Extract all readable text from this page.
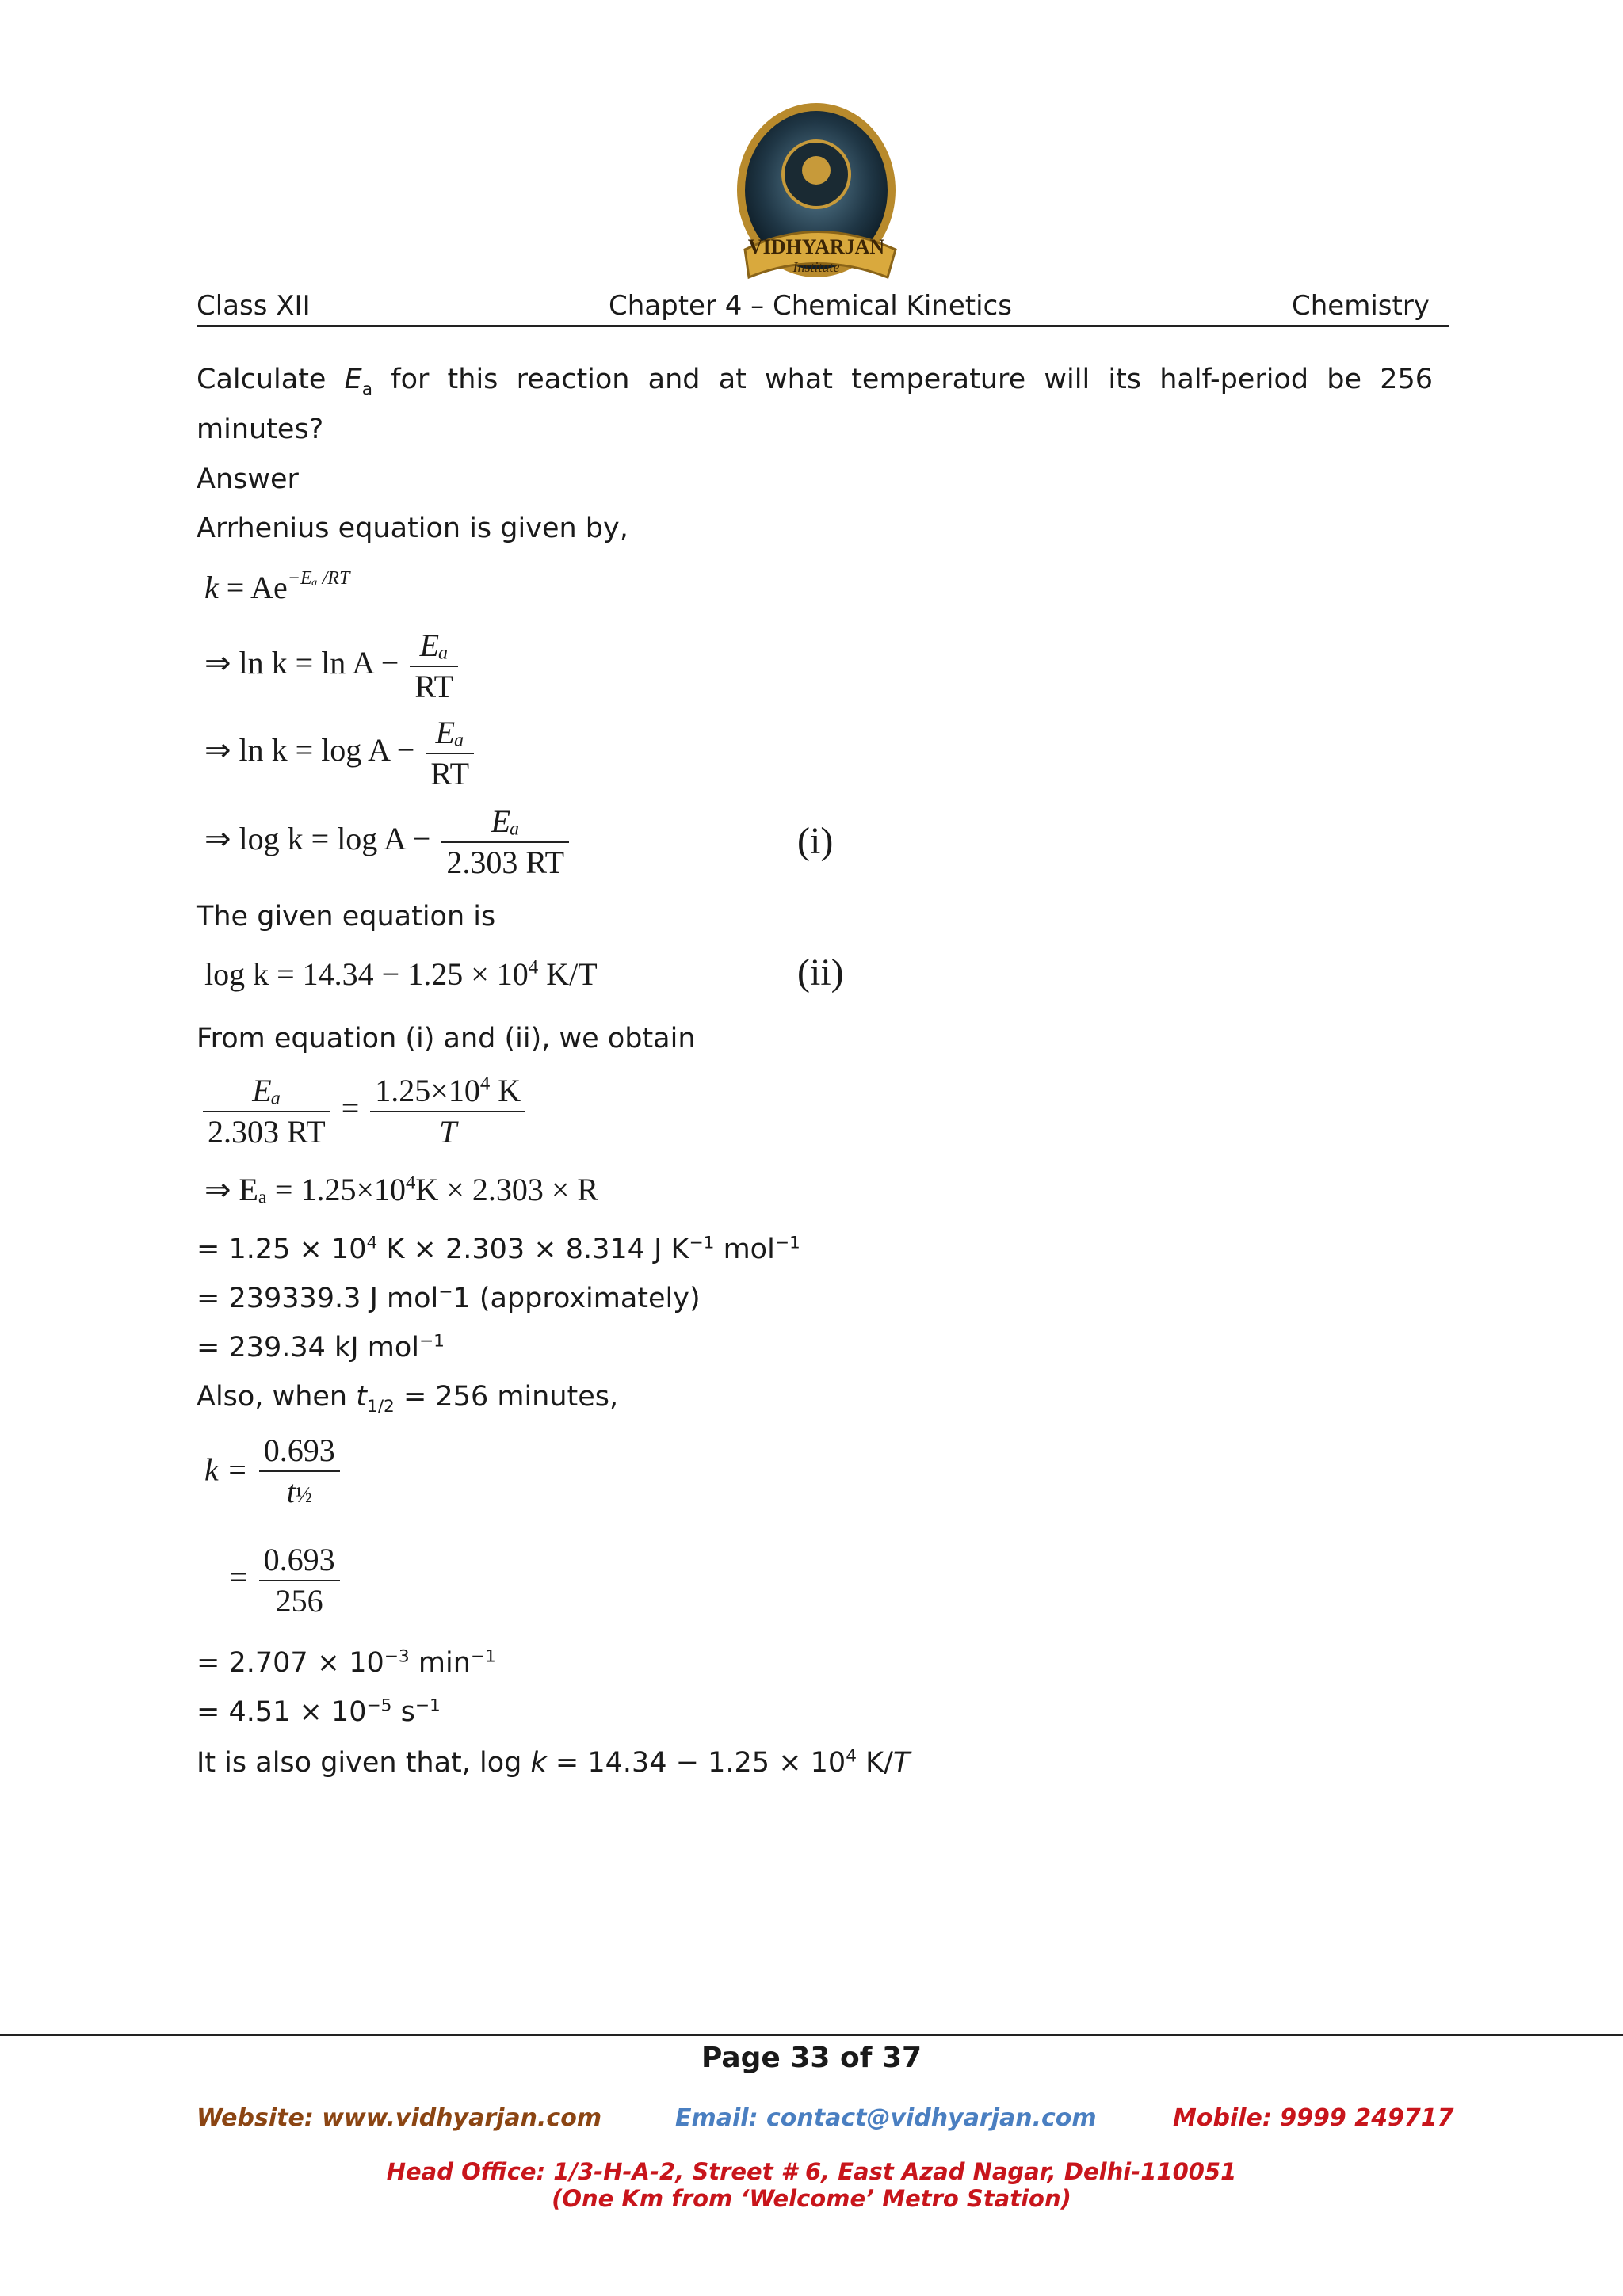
VIDHYARJAN
Institute
Class XII	Chapter 4 – Chemical Kinetics	Chemistry
Calculate $E_a$ for this reaction and at what temperature will its half-period be 256 minutes?
Answer
Arrhenius equation is given by,
$k = Ae^{-E_a /RT}$
⇒ $\ln k = \ln A - \frac{\text{Eₐ}}{RT}$
⇒ $\ln k = \log A - \frac{\text{Eₐ}}{RT}$
⇒ $\log k = \log A - \frac{\text{Eₐ}}{2.303 RT}$	(i)
The given equation is
$\log k = 14.34 - 1.25 \times 10^4$ K/T	(ii)
From equation (i) and (ii), we obtain
$\frac{\text{Eₐ}}{2.303 RT} = \frac{1.25\times 10^4 K}{T}$
⇒ $E_a = 1.25\times 10^4K \times 2.303 \times R$
= $1.25 \times 10^4$ K × 2.303 × 8.314 J $K^{-1}$ mol$^{-1}$
= 239339.3 J mol−1 (approximately)
= 239.34 kJ mol$^{-1}$
Also, when $t_{1/2} = 256$ minutes,
$k = \frac{0.693}{\text{t½}}$
= $\frac{0.693}{256}$
= $2.707 \times 10^{-3}$ $\min^{-1}$
= $4.51 \times 10^{-5}$ $s^{-1}$
It is also given that, $\log k = 14.34 - 1.25 \times 10^4$ K/T
Page 33 of 37
Website: www.vidhyarjan.com	Email: contact@vidhyarjan.com	Mobile: 9999 249717
Head Office: 1/3-H-A-2, Street # 6, East Azad Nagar, Delhi-110051
(One Km from ‘Welcome’ Metro Station)
